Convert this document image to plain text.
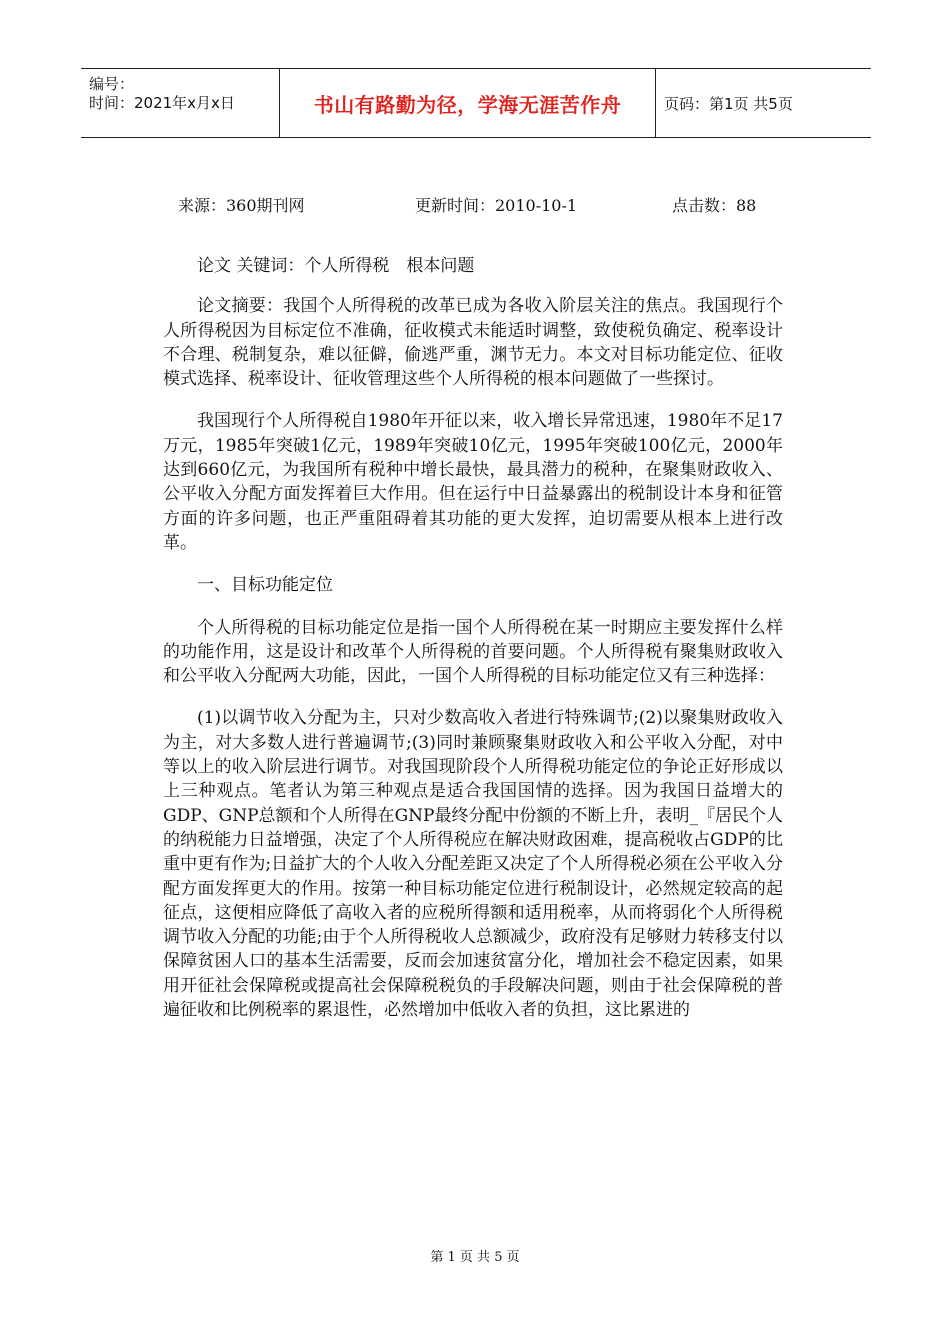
编号：
时间：2021年x月x日	书山有路勤为径，学海无涯苦作舟	页码：第1页 共5页
来源：360期刊网	更新时间：2010-10-1	点击数：88

论文 关键词：个人所得税　根本问题

论文摘要：我国个人所得税的改革已成为各收入阶层关注的焦点。我国现行个人所得税因为目标定位不准确，征收模式未能适时调整，致使税负确定、税率设计不合理、税制复杂，难以征僻，偷逃严重，渊节无力。本文对目标功能定位、征收模式选择、税率设计、征收管理这些个人所得税的根本问题做了一些探讨。

我国现行个人所得税自1980年开征以来，收入增长异常迅速，1980年不足17万元，1985年突破1亿元，1989年突破10亿元，1995年突破100亿元，2000年达到660亿元，为我国所有税种中增长最快，最具潜力的税种，在聚集财政收入、公平收入分配方面发挥着巨大作用。但在运行中日益暴露出的税制设计本身和征管方面的许多问题，也正严重阻碍着其功能的更大发挥，迫切需要从根本上进行改革。

一、目标功能定位

个人所得税的目标功能定位是指一国个人所得税在某一时期应主要发挥什么样的功能作用，这是设计和改革个人所得税的首要问题。个人所得税有聚集财政收入和公平收入分配两大功能，因此，一国个人所得税的目标功能定位又有三种选择：

(1)以调节收入分配为主，只对少数高收入者进行特殊调节;(2)以聚集财政收入为主，对大多数人进行普遍调节;(3)同时兼顾聚集财政收入和公平收入分配，对中等以上的收入阶层进行调节。对我国现阶段个人所得税功能定位的争论正好形成以上三种观点。笔者认为第三种观点是适合我国国情的选择。因为我国日益增大的GDP、GNP总额和个人所得在GNP最终分配中份额的不断上升，表明_『居民个人的纳税能力日益增强，决定了个人所得税应在解决财政困难，提高税收占GDP的比重中更有作为;日益扩大的个人收入分配差距又决定了个人所得税必须在公平收入分配方面发挥更大的作用。按第一种目标功能定位进行税制设计，必然规定较高的起征点，这便相应降低了高收入者的应税所得额和适用税率，从而将弱化个人所得税调节收入分配的功能;由于个人所得税收人总额减少，政府没有足够财力转移支付以保障贫困人口的基本生活需要，反而会加速贫富分化，增加社会不稳定因素，如果用开征社会保障税或提高社会保障税税负的手段解决问题，则由于社会保障税的普遍征收和比例税率的累退性，必然增加中低收入者的负担，这比累进的

第 1 页 共 5 页
